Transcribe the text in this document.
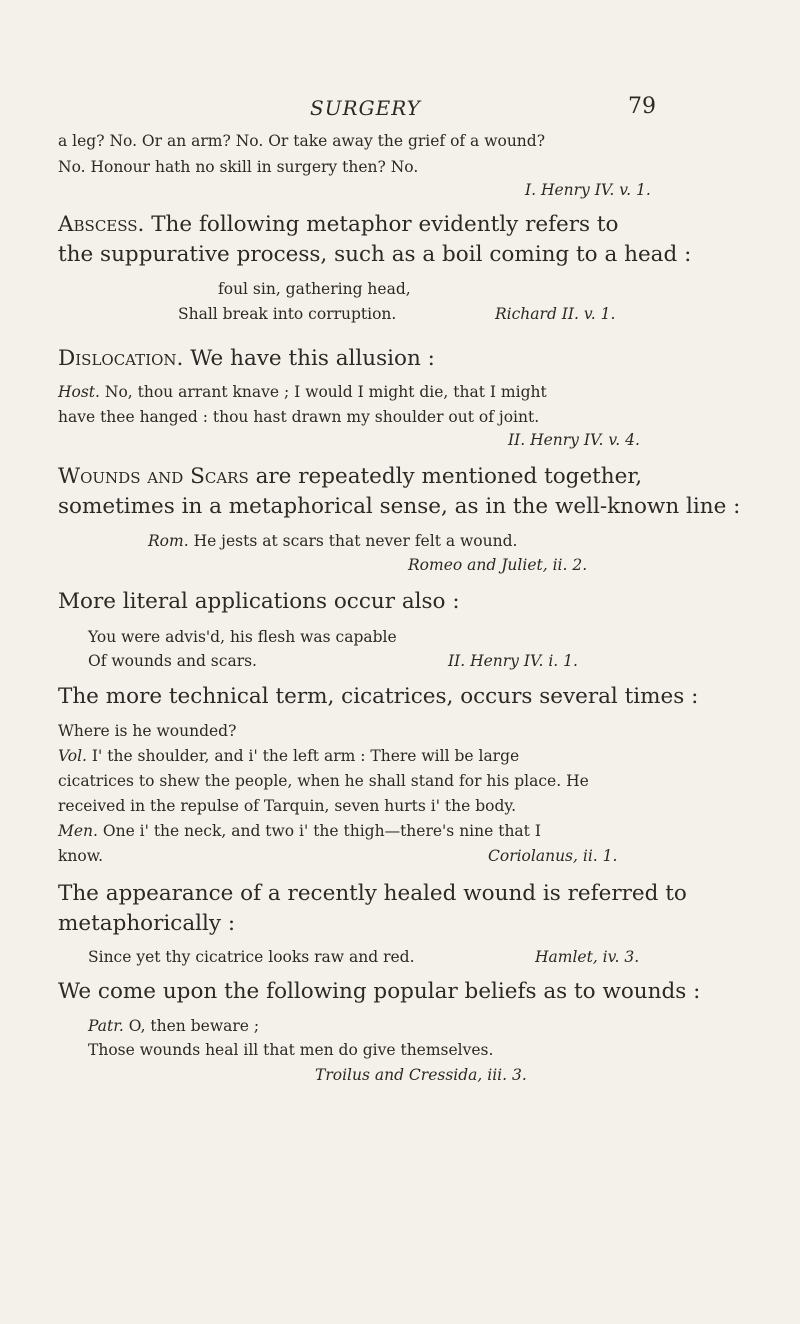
SURGERY	79
a leg? No. Or an arm? No. Or take away the grief of a wound?
No. Honour hath no skill in surgery then? No.
I. Henry IV. v. 1.
Abscess. The following metaphor evidently refers to
the suppurative process, such as a boil coming to a head :
foul sin, gathering head,
Shall break into corruption.	Richard II. v. 1.
Dislocation. We have this allusion :
Host. No, thou arrant knave ; I would I might die, that I might
have thee hanged : thou hast drawn my shoulder out of joint.
II. Henry IV. v. 4.
Wounds and Scars are repeatedly mentioned together,
sometimes in a metaphorical sense, as in the well-known line :
Rom. He jests at scars that never felt a wound.
Romeo and Juliet, ii. 2.
More literal applications occur also :
You were advis'd, his flesh was capable
Of wounds and scars.	II. Henry IV. i. 1.
The more technical term, cicatrices, occurs several times :
Where is he wounded?
Vol. I' the shoulder, and i' the left arm : There will be large
cicatrices to shew the people, when he shall stand for his place. He
received in the repulse of Tarquin, seven hurts i' the body.
Men. One i' the neck, and two i' the thigh—there's nine that I
know.	Coriolanus, ii. 1.
The appearance of a recently healed wound is referred to
metaphorically :
Since yet thy cicatrice looks raw and red.	Hamlet, iv. 3.
We come upon the following popular beliefs as to wounds :
Patr. O, then beware ;
Those wounds heal ill that men do give themselves.
Troilus and Cressida, iii. 3.
